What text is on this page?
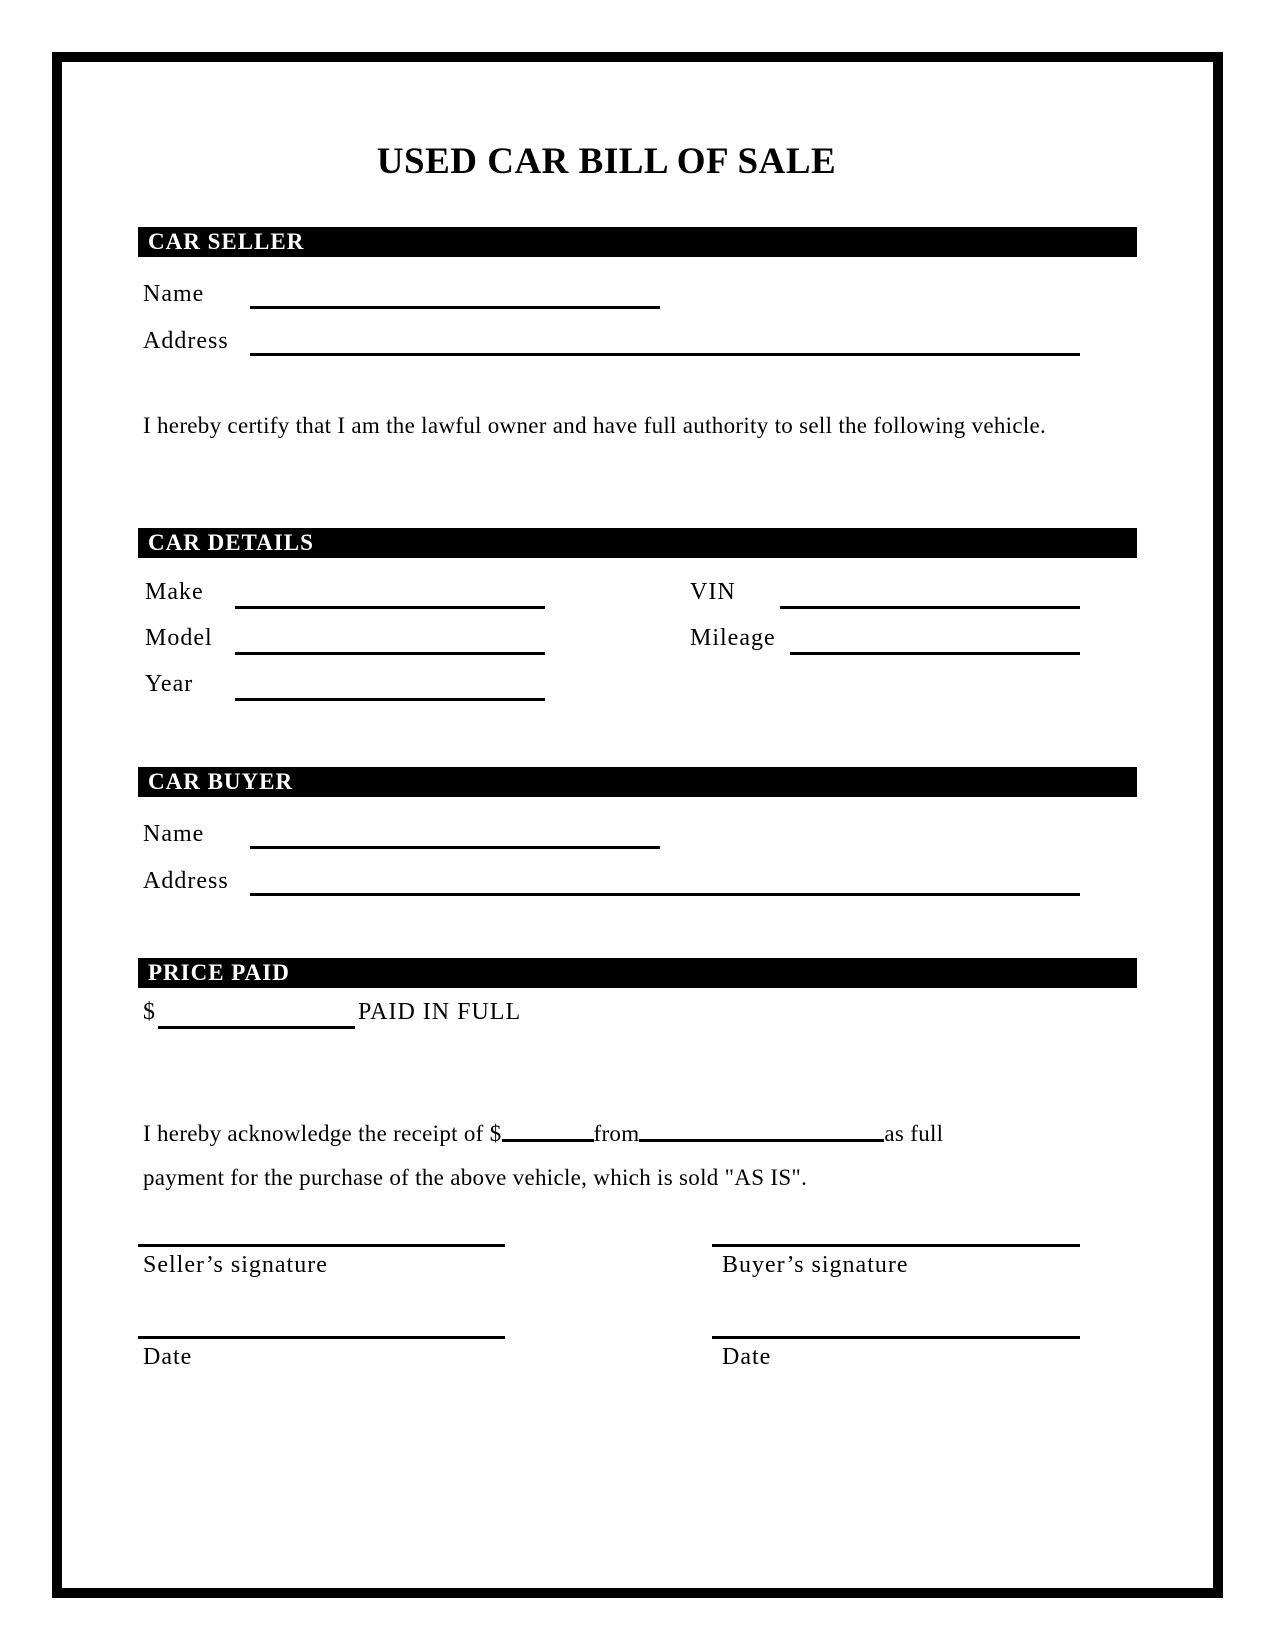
USED CAR BILL OF SALE
CAR SELLER
Name
Address
I hereby certify that I am the lawful owner and have full authority to sell the following vehicle.
CAR DETAILS
Make	VIN
Model	Mileage
Year
CAR BUYER
Name
Address
PRICE PAID
$	PAID IN FULL
I hereby acknowledge the receipt of $	from	as full
payment for the purchase of the above vehicle, which is sold "AS IS".
Seller’s signature	Buyer’s signature
Date	Date
